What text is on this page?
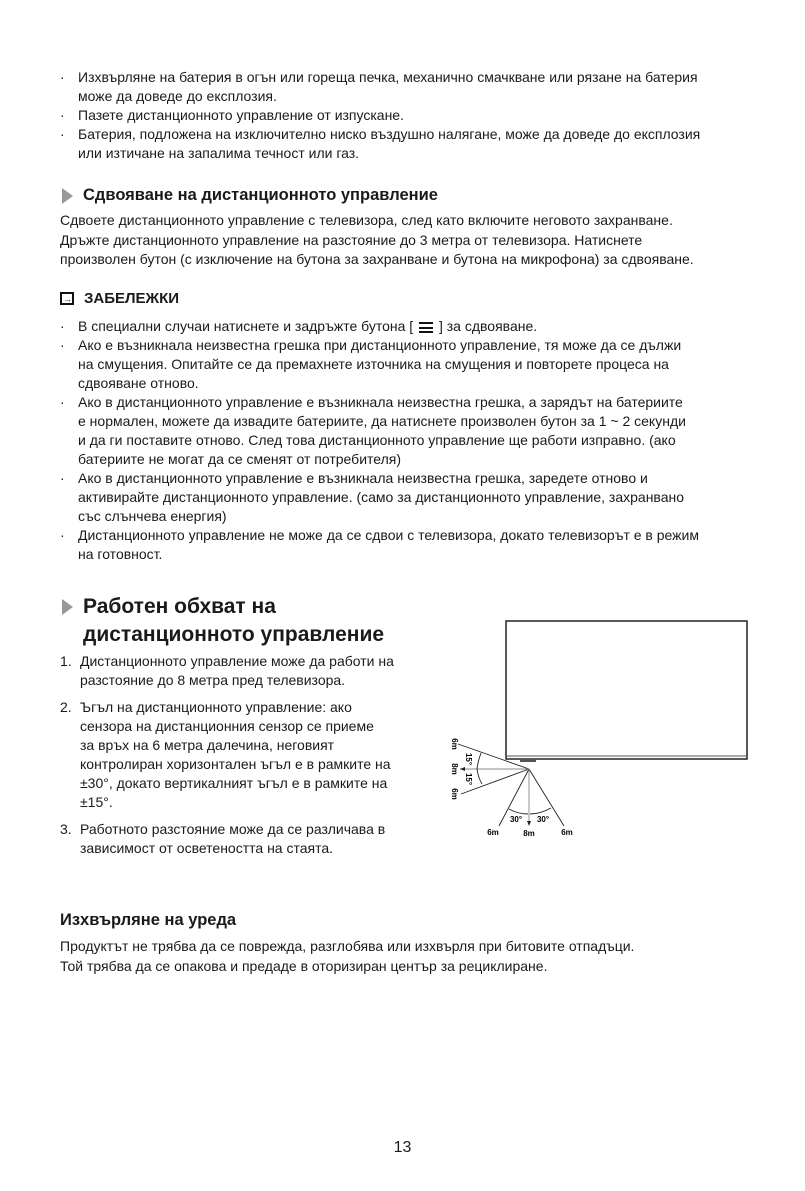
· Изхвърляне на батерия в огън или гореща печка, механично смачкване или рязане на батерия
може да доведе до експлозия.
· Пазете дистанционното управление от изпускане.
· Батерия, подложена на изключително ниско въздушно налягане, може да доведе до експлозия
или изтичане на запалима течност или газ.
Сдвояване на дистанционното управление
Сдвоете дистанционното управление с телевизора, след като включите неговото захранване.
Дръжте дистанционното управление на разстояние до 3 метра от телевизора. Натиснете
произволен бутон (с изключение на бутона за захранване и бутона на микрофона) за сдвояване.
→ ЗАБЕЛЕЖКИ
· В специални случаи натиснете и задръжте бутона [ ] за сдвояване.
· Ако е възникнала неизвестна грешка при дистанционното управление, тя може да се дължи
на смущения. Опитайте се да премахнете източника на смущения и повторете процеса на
сдвояване отново.
· Ако в дистанционното управление е възникнала неизвестна грешка, а зарядът на батериите
е нормален, можете да извадите батериите, да натиснете произволен бутон за 1 ~ 2 секунди
и да ги поставите отново. След това дистанционното управление ще работи изправно. (ако
батериите не могат да се сменят от потребителя)
· Ако в дистанционното управление е възникнала неизвестна грешка, заредете отново и
активирайте дистанционното управление. (само за дистанционното управление, захранвано
със слънчева енергия)
· Дистанционното управление не може да се сдвои с телевизора, докато телевизорът е в режим
на готовност.
Работен обхват на
дистанционното управление
1. Дистанционното управление може да работи на
разстояние до 8 метра пред телевизора.
2. Ъгъл на дистанционното управление: ако
сензора на дистанционния сензор се приеме
за връх на 6 метра далечина, неговият
контролиран хоризонтален ъгъл е в рамките на
±30°, докато вертикалният ъгъл е в рамките на
±15°.
3. Работното разстояние може да се различава в
зависимост от осветеността на стаята.
6m
8m
6m
15°
15°
30° 30°
6m	8m	6m
Изхвърляне на уреда
Продуктът не трябва да се поврежда, разглобява или изхвърля при битовите отпадъци.
Той трябва да се опакова и предаде в оторизиран център за рециклиране.
13
